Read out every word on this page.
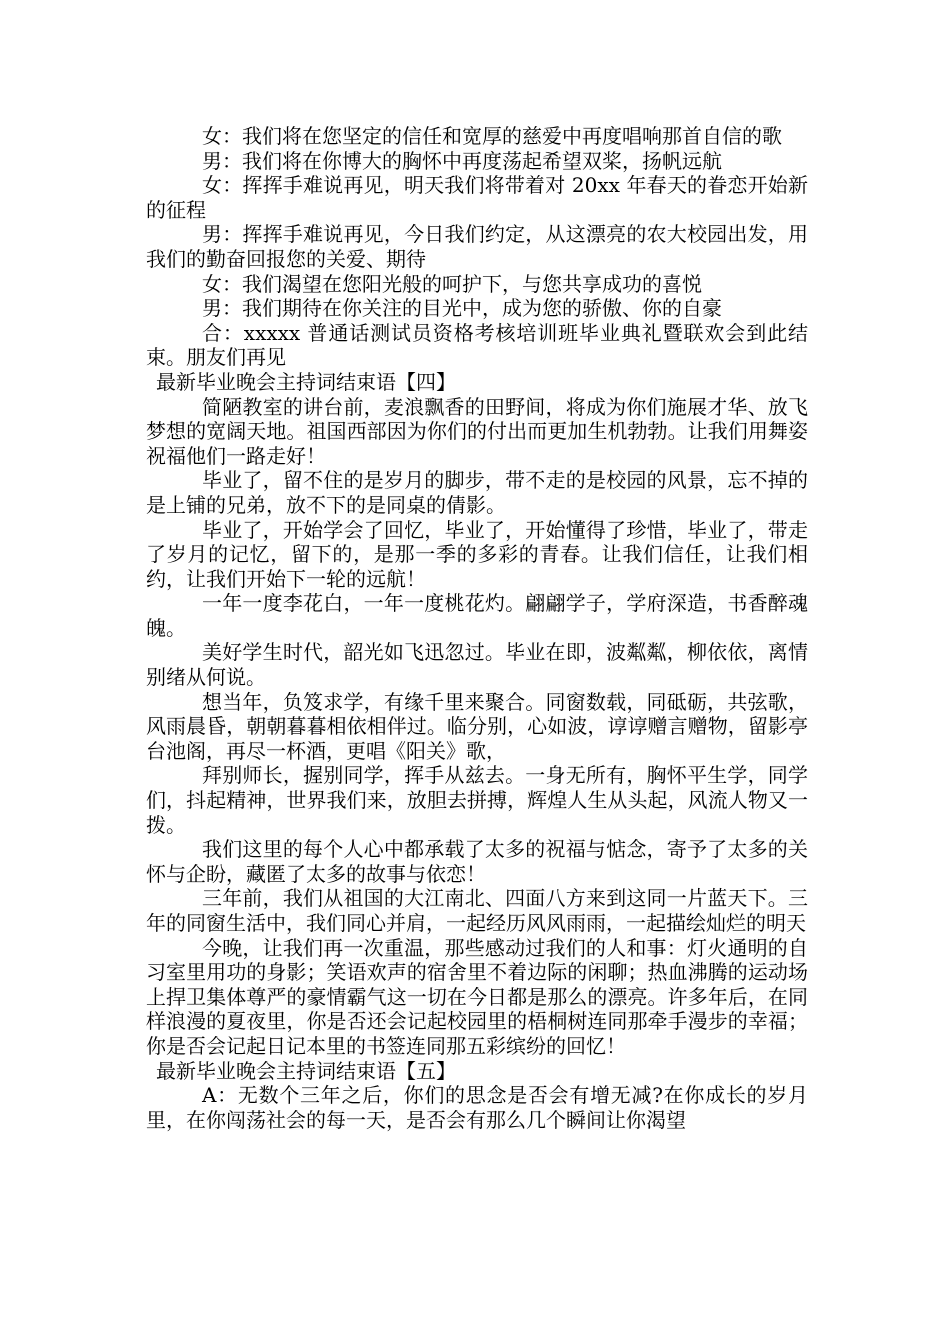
女：我们将在您坚定的信任和宽厚的慈爱中再度唱响那首自信的歌

男：我们将在你博大的胸怀中再度荡起希望双桨，扬帆远航

女：挥挥手难说再见，明天我们将带着对 20xx 年春天的眷恋开始新的征程

男：挥挥手难说再见，今日我们约定，从这漂亮的农大校园出发，用我们的勤奋回报您的关爱、期待

女：我们渴望在您阳光般的呵护下，与您共享成功的喜悦

男：我们期待在你关注的目光中，成为您的骄傲、你的自豪

合：xxxxx 普通话测试员资格考核培训班毕业典礼暨联欢会到此结束。朋友们再见

最新毕业晚会主持词结束语【四】

简陋教室的讲台前，麦浪飘香的田野间，将成为你们施展才华、放飞梦想的宽阔天地。祖国西部因为你们的付出而更加生机勃勃。让我们用舞姿祝福他们一路走好！

毕业了，留不住的是岁月的脚步，带不走的是校园的风景，忘不掉的是上铺的兄弟，放不下的是同桌的倩影。

毕业了，开始学会了回忆，毕业了，开始懂得了珍惜，毕业了，带走了岁月的记忆，留下的，是那一季的多彩的青春。让我们信任，让我们相约，让我们开始下一轮的远航！

一年一度李花白，一年一度桃花灼。翩翩学子，学府深造，书香醉魂魄。

美好学生时代，韶光如飞迅忽过。毕业在即，波粼粼，柳依依，离情别绪从何说。

想当年，负笈求学，有缘千里来聚合。同窗数载，同砥砺，共弦歌，风雨晨昏，朝朝暮暮相依相伴过。临分别，心如波，谆谆赠言赠物，留影亭台池阁，再尽一杯酒，更唱《阳关》歌，

拜别师长，握别同学，挥手从兹去。一身无所有，胸怀平生学，同学们，抖起精神，世界我们来，放胆去拼搏，辉煌人生从头起，风流人物又一拨。

我们这里的每个人心中都承载了太多的祝福与惦念，寄予了太多的关怀与企盼，藏匿了太多的故事与依恋！

三年前，我们从祖国的大江南北、四面八方来到这同一片蓝天下。三年的同窗生活中，我们同心并肩，一起经历风风雨雨，一起描绘灿烂的明天

今晚，让我们再一次重温，那些感动过我们的人和事：灯火通明的自习室里用功的身影；笑语欢声的宿舍里不着边际的闲聊；热血沸腾的运动场上捍卫集体尊严的豪情霸气这一切在今日都是那么的漂亮。许多年后，在同样浪漫的夏夜里，你是否还会记起校园里的梧桐树连同那牵手漫步的幸福；你是否会记起日记本里的书签连同那五彩缤纷的回忆！

最新毕业晚会主持词结束语【五】

A：无数个三年之后，你们的思念是否会有增无减?在你成长的岁月里，在你闯荡社会的每一天，是否会有那么几个瞬间让你渴望
